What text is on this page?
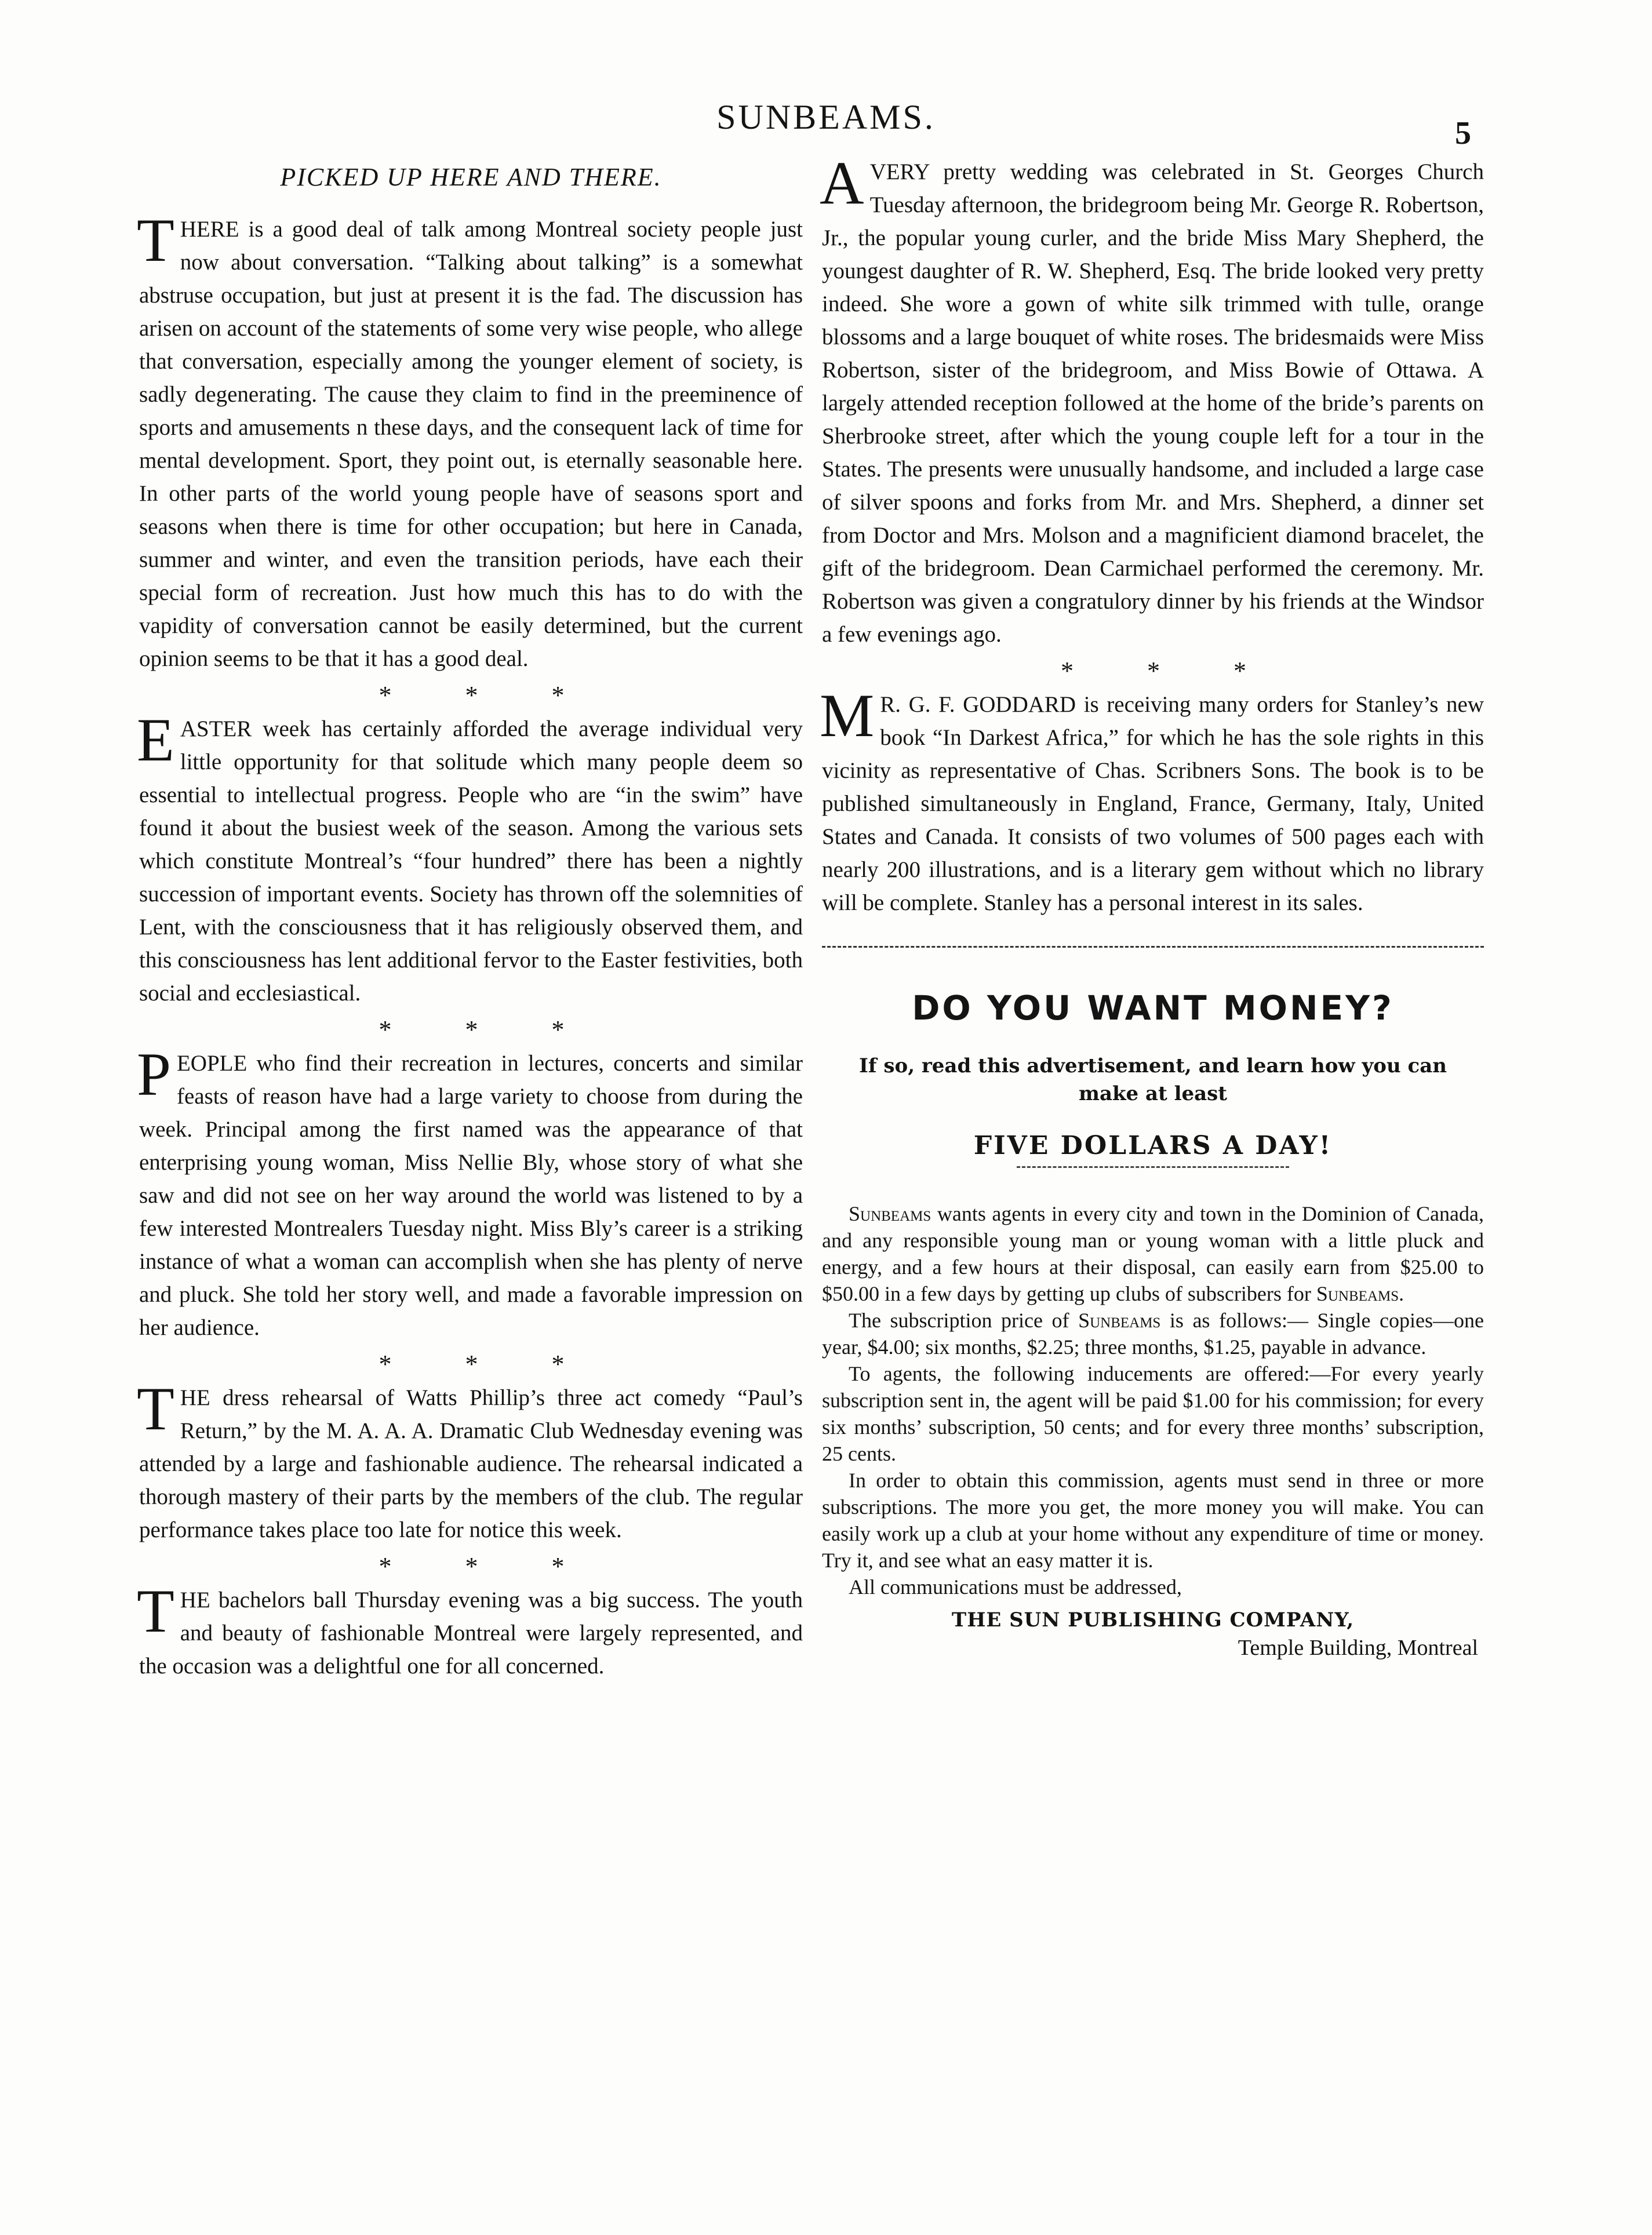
SUNBEAMS.	5
PICKED UP HERE AND THERE.

THERE is a good deal of talk among Montreal society people just now about conversation. “Talking about talking” is a somewhat abstruse occupation, but just at present it is the fad. The discussion has arisen on account of the statements of some very wise people, who allege that conversation, especially among the younger element of society, is sadly degenerating. The cause they claim to find in the preeminence of sports and amusements n these days, and the consequent lack of time for mental development. Sport, they point out, is eternally seasonable here. In other parts of the world young people have of seasons sport and seasons when there is time for other occupation; but here in Canada, summer and winter, and even the transition periods, have each their special form of recreation. Just how much this has to do with the vapidity of conversation cannot be easily determined, but the current opinion seems to be that it has a good deal.

* * *

EASTER week has certainly afforded the average individual very little opportunity for that solitude which many people deem so essential to intellectual progress. People who are “in the swim” have found it about the busiest week of the season. Among the various sets which constitute Montreal’s “four hundred” there has been a nightly succession of important events. Society has thrown off the solemnities of Lent, with the consciousness that it has religiously observed them, and this consciousness has lent additional fervor to the Easter festivities, both social and ecclesiastical.

* * *

PEOPLE who find their recreation in lectures, concerts and similar feasts of reason have had a large variety to choose from during the week. Principal among the first named was the appearance of that enterprising young woman, Miss Nellie Bly, whose story of what she saw and did not see on her way around the world was listened to by a few interested Montrealers Tuesday night. Miss Bly’s career is a striking instance of what a woman can accomplish when she has plenty of nerve and pluck. She told her story well, and made a favorable impression on her audience.

* * *

THE dress rehearsal of Watts Phillip’s three act comedy “Paul’s Return,” by the M. A. A. A. Dramatic Club Wednesday evening was attended by a large and fashionable audience. The rehearsal indicated a thorough mastery of their parts by the members of the club. The regular performance takes place too late for notice this week.

* * *

THE bachelors ball Thursday evening was a big success. The youth and beauty of fashionable Montreal were largely represented, and the occasion was a delightful one for all concerned.

AVERY pretty wedding was celebrated in St. Georges Church Tuesday afternoon, the bridegroom being Mr. George R. Robertson, Jr., the popular young curler, and the bride Miss Mary Shepherd, the youngest daughter of R. W. Shepherd, Esq. The bride looked very pretty indeed. She wore a gown of white silk trimmed with tulle, orange blossoms and a large bouquet of white roses. The bridesmaids were Miss Robertson, sister of the bridegroom, and Miss Bowie of Ottawa. A largely attended reception followed at the home of the bride’s parents on Sherbrooke street, after which the young couple left for a tour in the States. The presents were unusually handsome, and included a large case of silver spoons and forks from Mr. and Mrs. Shepherd, a dinner set from Doctor and Mrs. Molson and a magnificient diamond bracelet, the gift of the bridegroom. Dean Carmichael performed the ceremony. Mr. Robertson was given a congratulory dinner by his friends at the Windsor a few evenings ago.

* * *

M R. G. F. GODDARD is receiving many orders for Stanley’s new book “In Darkest Africa,” for which he has the sole rights in this vicinity as representative of Chas. Scribners Sons. The book is to be published simultaneously in England, France, Germany, Italy, United States and Canada. It consists of two volumes of 500 pages each with nearly 200 illustrations, and is a literary gem without which no library will be complete. Stanley has a personal interest in its sales.

DO YOU WANT MONEY?
If so, read this advertisement, and learn how you can make at least
FIVE DOLLARS A DAY!

Sunbeams wants agents in every city and town in the Dominion of Canada, and any responsible young man or young woman with a little pluck and energy, and a few hours at their disposal, can easily earn from $25.00 to $50.00 in a few days by getting up clubs of subscribers for Sunbeams.

The subscription price of Sunbeams is as follows:— Single copies—one year, $4.00; six months, $2.25; three months, $1.25, payable in advance.

To agents, the following inducements are offered:—For every yearly subscription sent in, the agent will be paid $1.00 for his commission; for every six months’ subscription, 50 cents; and for every three months’ subscription, 25 cents.

In order to obtain this commission, agents must send in three or more subscriptions. The more you get, the more money you will make. You can easily work up a club at your home without any expenditure of time or money. Try it, and see what an easy matter it is.

All communications must be addressed,

THE SUN PUBLISHING COMPANY,
Temple Building, Montreal
